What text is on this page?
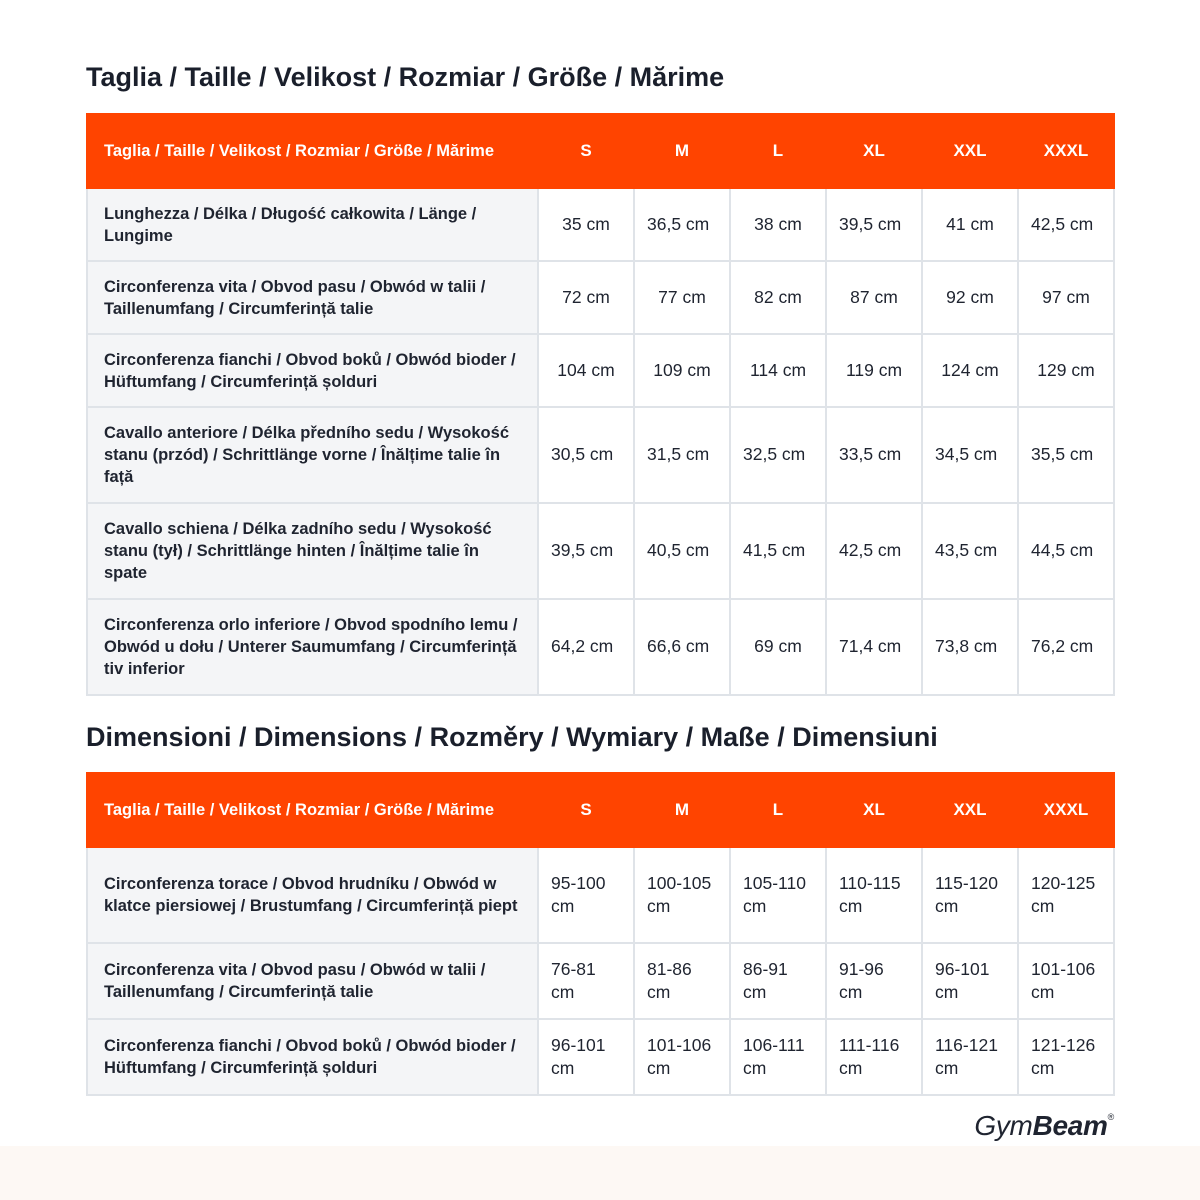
Taglia / Taille / Velikost / Rozmiar / Größe / Mărime
Taglia / Taille / Velikost / Rozmiar / Größe / Mărime	S	M	L	XL	XXL	XXXL
Lunghezza / Délka / Długość całkowita / Länge / Lungime	35 cm	36,5 cm	38 cm	39,5 cm	41 cm	42,5 cm
Circonferenza vita / Obvod pasu / Obwód w talii / Taillenumfang / Circumferință talie	72 cm	77 cm	82 cm	87 cm	92 cm	97 cm
Circonferenza fianchi / Obvod boků / Obwód bioder / Hüftumfang / Circumferință șolduri	104 cm	109 cm	114 cm	119 cm	124 cm	129 cm
Cavallo anteriore / Délka předního sedu / Wysokość stanu (przód) / Schrittlänge vorne / Înălțime talie în față	30,5 cm	31,5 cm	32,5 cm	33,5 cm	34,5 cm	35,5 cm
Cavallo schiena / Délka zadního sedu / Wysokość stanu (tył) / Schrittlänge hinten / Înălțime talie în spate	39,5 cm	40,5 cm	41,5 cm	42,5 cm	43,5 cm	44,5 cm
Circonferenza orlo inferiore / Obvod spodního lemu / Obwód u dołu / Unterer Saumumfang / Circumferință tiv inferior	64,2 cm	66,6 cm	69 cm	71,4 cm	73,8 cm	76,2 cm
Dimensioni / Dimensions / Rozměry / Wymiary / Maße / Dimensiuni
Taglia / Taille / Velikost / Rozmiar / Größe / Mărime	S	M	L	XL	XXL	XXXL
Circonferenza torace / Obvod hrudníku / Obwód w klatce piersiowej / Brustumfang / Circumferință piept	95-100 cm	100-105 cm	105-110 cm	110-115 cm	115-120 cm	120-125 cm
Circonferenza vita / Obvod pasu / Obwód w talii / Taillenumfang / Circumferință talie	76-81 cm	81-86 cm	86-91 cm	91-96 cm	96-101 cm	101-106 cm
Circonferenza fianchi / Obvod boků / Obwód bioder / Hüftumfang / Circumferință șolduri	96-101 cm	101-106 cm	106-111 cm	111-116 cm	116-121 cm	121-126 cm
GymBeam®
